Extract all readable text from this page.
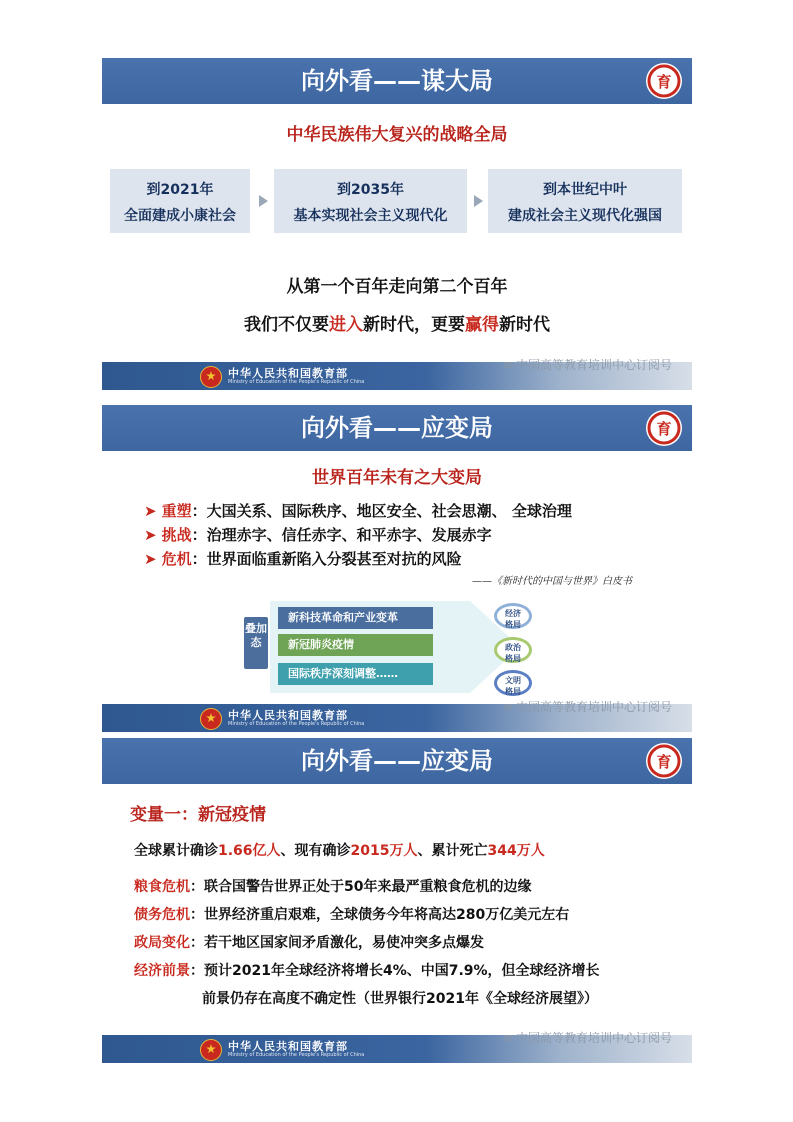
向外看——谋大局	育
中华民族伟大复兴的战略全局
到2021年
全面建成小康社会
到2035年
基本实现社会主义现代化
到本世纪中叶
建成社会主义现代化强国
从第一个百年走向第二个百年
我们不仅要进入新时代，更要赢得新时代
中华人民共和国教育部
Ministry of Education of the People's Republic of China
✉ 中国高等教育培训中心订阅号
向外看——应变局	育
世界百年未有之大变局
➤ 重塑：大国关系、国际秩序、地区安全、社会思潮、 全球治理
➤ 挑战：治理赤字、信任赤字、和平赤字、发展赤字
➤ 危机：世界面临重新陷入分裂甚至对抗的风险
——《新时代的中国与世界》白皮书
叠加态
新科技革命和产业变革
新冠肺炎疫情
国际秩序深刻调整……
经济
格局
政治
格局
文明
格局
中华人民共和国教育部
Ministry of Education of the People's Republic of China
✉ 中国高等教育培训中心订阅号
向外看——应变局	育
变量一：新冠疫情
全球累计确诊1.66亿人、现有确诊2015万人、累计死亡344万人
粮食危机：联合国警告世界正处于50年来最严重粮食危机的边缘
债务危机：世界经济重启艰难，全球债务今年将高达280万亿美元左右
政局变化：若干地区国家间矛盾激化，易使冲突多点爆发
经济前景：预计2021年全球经济将增长4%、中国7.9%，但全球经济增长
前景仍存在高度不确定性（世界银行2021年《全球经济展望》）
中华人民共和国教育部
Ministry of Education of the People's Republic of China
✉ 中国高等教育培训中心订阅号
